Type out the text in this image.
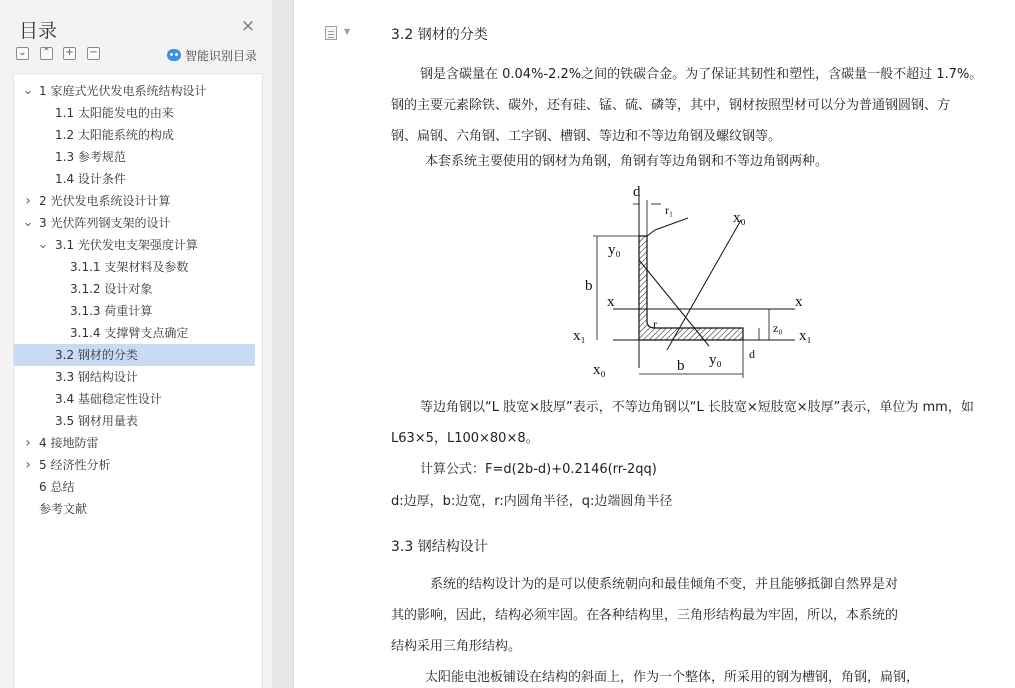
目录	✕
⌄ ⌃ + −	智能识别目录
⌄ 1 家庭式光伏发电系统结构设计
1.1 太阳能发电的由来
1.2 太阳能系统的构成
1.3 参考规范
1.4 设计条件
› 2 光伏发电系统设计计算
⌄ 3 光伏阵列钢支架的设计
⌄ 3.1 光伏发电支架强度计算
3.1.1 支架材料及参数
3.1.2 设计对象
3.1.3 荷重计算
3.1.4 支撑臂支点确定
3.2 钢材的分类
3.3 钢结构设计
3.4 基础稳定性设计
3.5 钢材用量表
› 4 接地防雷
› 5 经济性分析
6 总结
参考文献
▼	3.2 钢材的分类
钢是含碳量在 0.04%-2.2%之间的铁碳合金。为了保证其韧性和塑性，含碳量一般不超过 1.7%。
钢的主要元素除铁、碳外，还有硅、锰、硫、磷等，其中，钢材按照型材可以分为普通钢圆钢、方
钢、扁钢、六角钢、工字钢、槽钢、等边和不等边角钢及螺纹钢等。
本套系统主要使用的钢材为角钢，角钢有等边角钢和不等边角钢两种。
d
r₁	x₀
y₀
b
x	x
x₁	x₁
r	z₀
d
x₀	b y₀
等边角钢以“L 肢宽×肢厚”表示，不等边角钢以“L 长肢宽×短肢宽×肢厚”表示，单位为 mm，如
L63×5，L100×80×8。
计算公式：F=d(2b-d)+0.2146(rr-2qq)
d:边厚，b:边宽，r:内圆角半径，q:边端圆角半径
3.3 钢结构设计
系统的结构设计为的是可以使系统朝向和最佳倾角不变，并且能够抵御自然界是对
其的影响，因此，结构必须牢固。在各种结构里，三角形结构最为牢固，所以，本系统的
结构采用三角形结构。
太阳能电池板铺设在结构的斜面上，作为一个整体，所采用的钢为槽钢，角钢，扁钢，
